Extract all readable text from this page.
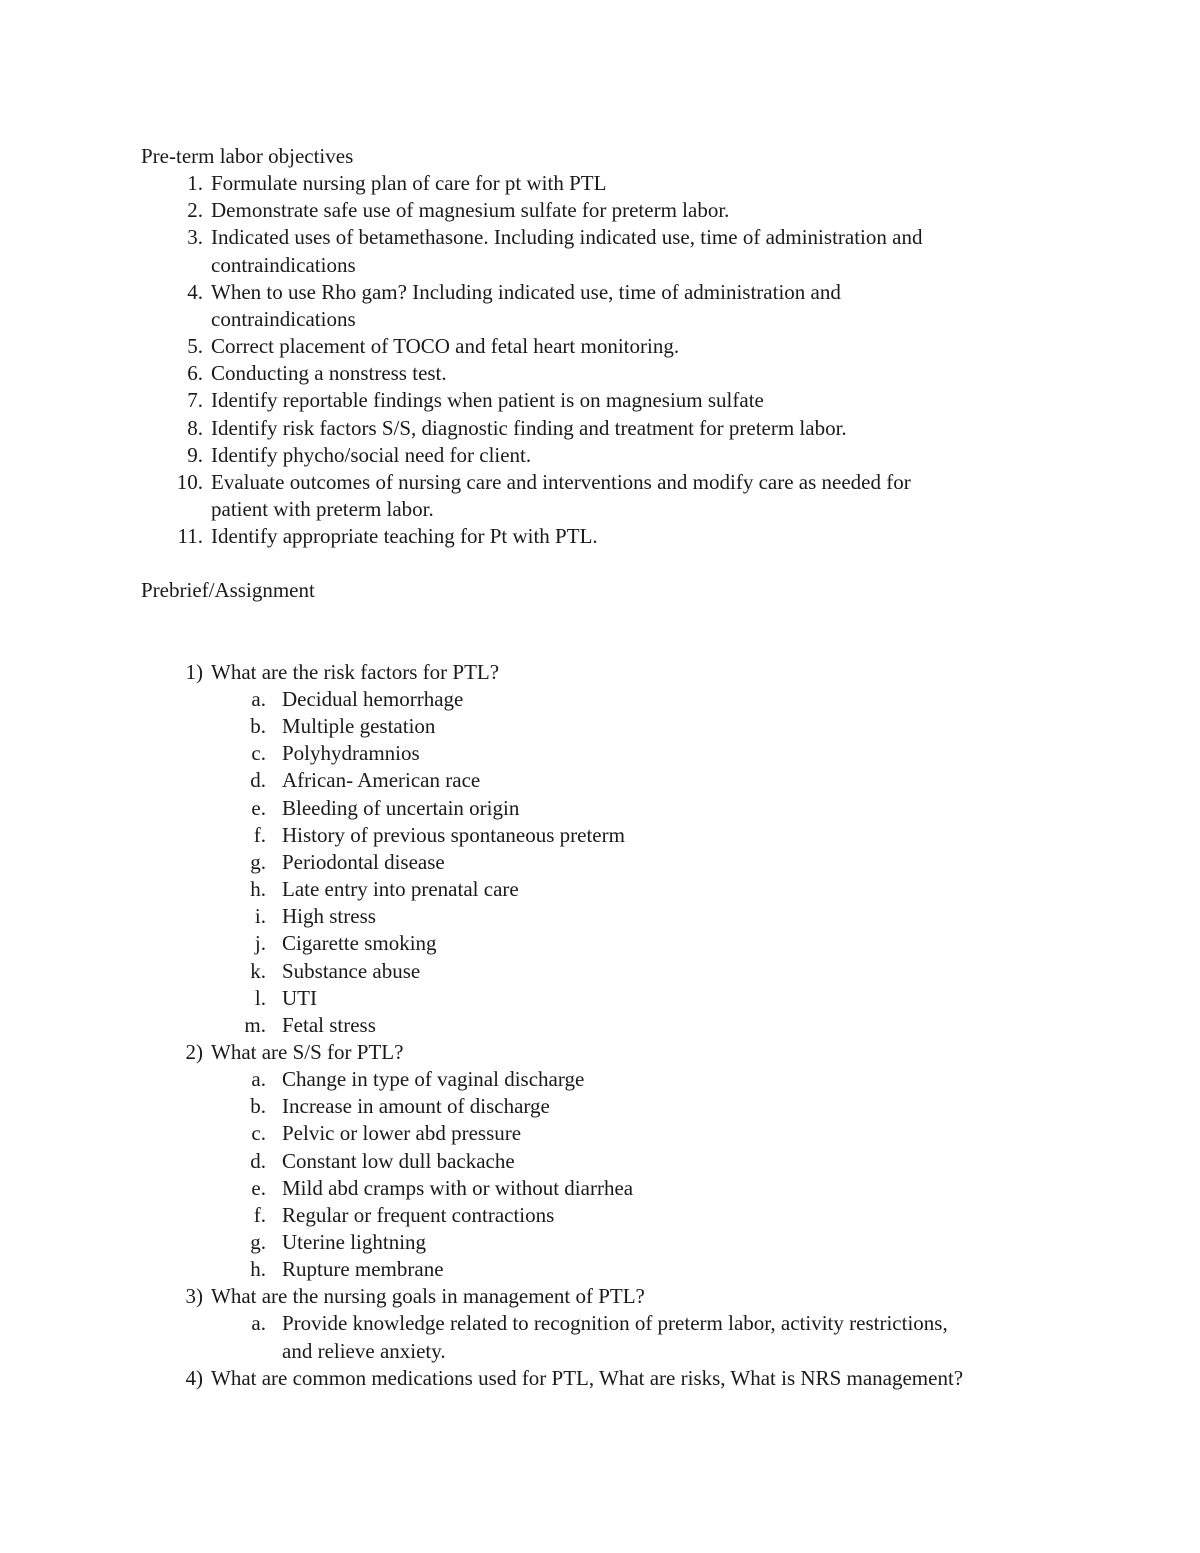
Pre-term labor objectives
1. Formulate nursing plan of care for pt with PTL
2. Demonstrate safe use of magnesium sulfate for preterm labor.
3. Indicated uses of betamethasone. Including indicated use, time of administration and
contraindications
4. When to use Rho gam? Including indicated use, time of administration and
contraindications
5. Correct placement of TOCO and fetal heart monitoring.
6. Conducting a nonstress test.
7. Identify reportable findings when patient is on magnesium sulfate
8. Identify risk factors S/S, diagnostic finding and treatment for preterm labor.
9. Identify phycho/social need for client.
10. Evaluate outcomes of nursing care and interventions and modify care as needed for
patient with preterm labor.
11. Identify appropriate teaching for Pt with PTL.
Prebrief/Assignment
1) What are the risk factors for PTL?
a. Decidual hemorrhage
b. Multiple gestation
c. Polyhydramnios
d. African- American race
e. Bleeding of uncertain origin
f. History of previous spontaneous preterm
g. Periodontal disease
h. Late entry into prenatal care
i. High stress
j. Cigarette smoking
k. Substance abuse
l. UTI
m. Fetal stress
2) What are S/S for PTL?
a. Change in type of vaginal discharge
b. Increase in amount of discharge
c. Pelvic or lower abd pressure
d. Constant low dull backache
e. Mild abd cramps with or without diarrhea
f. Regular or frequent contractions
g. Uterine lightning
h. Rupture membrane
3) What are the nursing goals in management of PTL?
a. Provide knowledge related to recognition of preterm labor, activity restrictions,
and relieve anxiety.
4) What are common medications used for PTL, What are risks, What is NRS management?
